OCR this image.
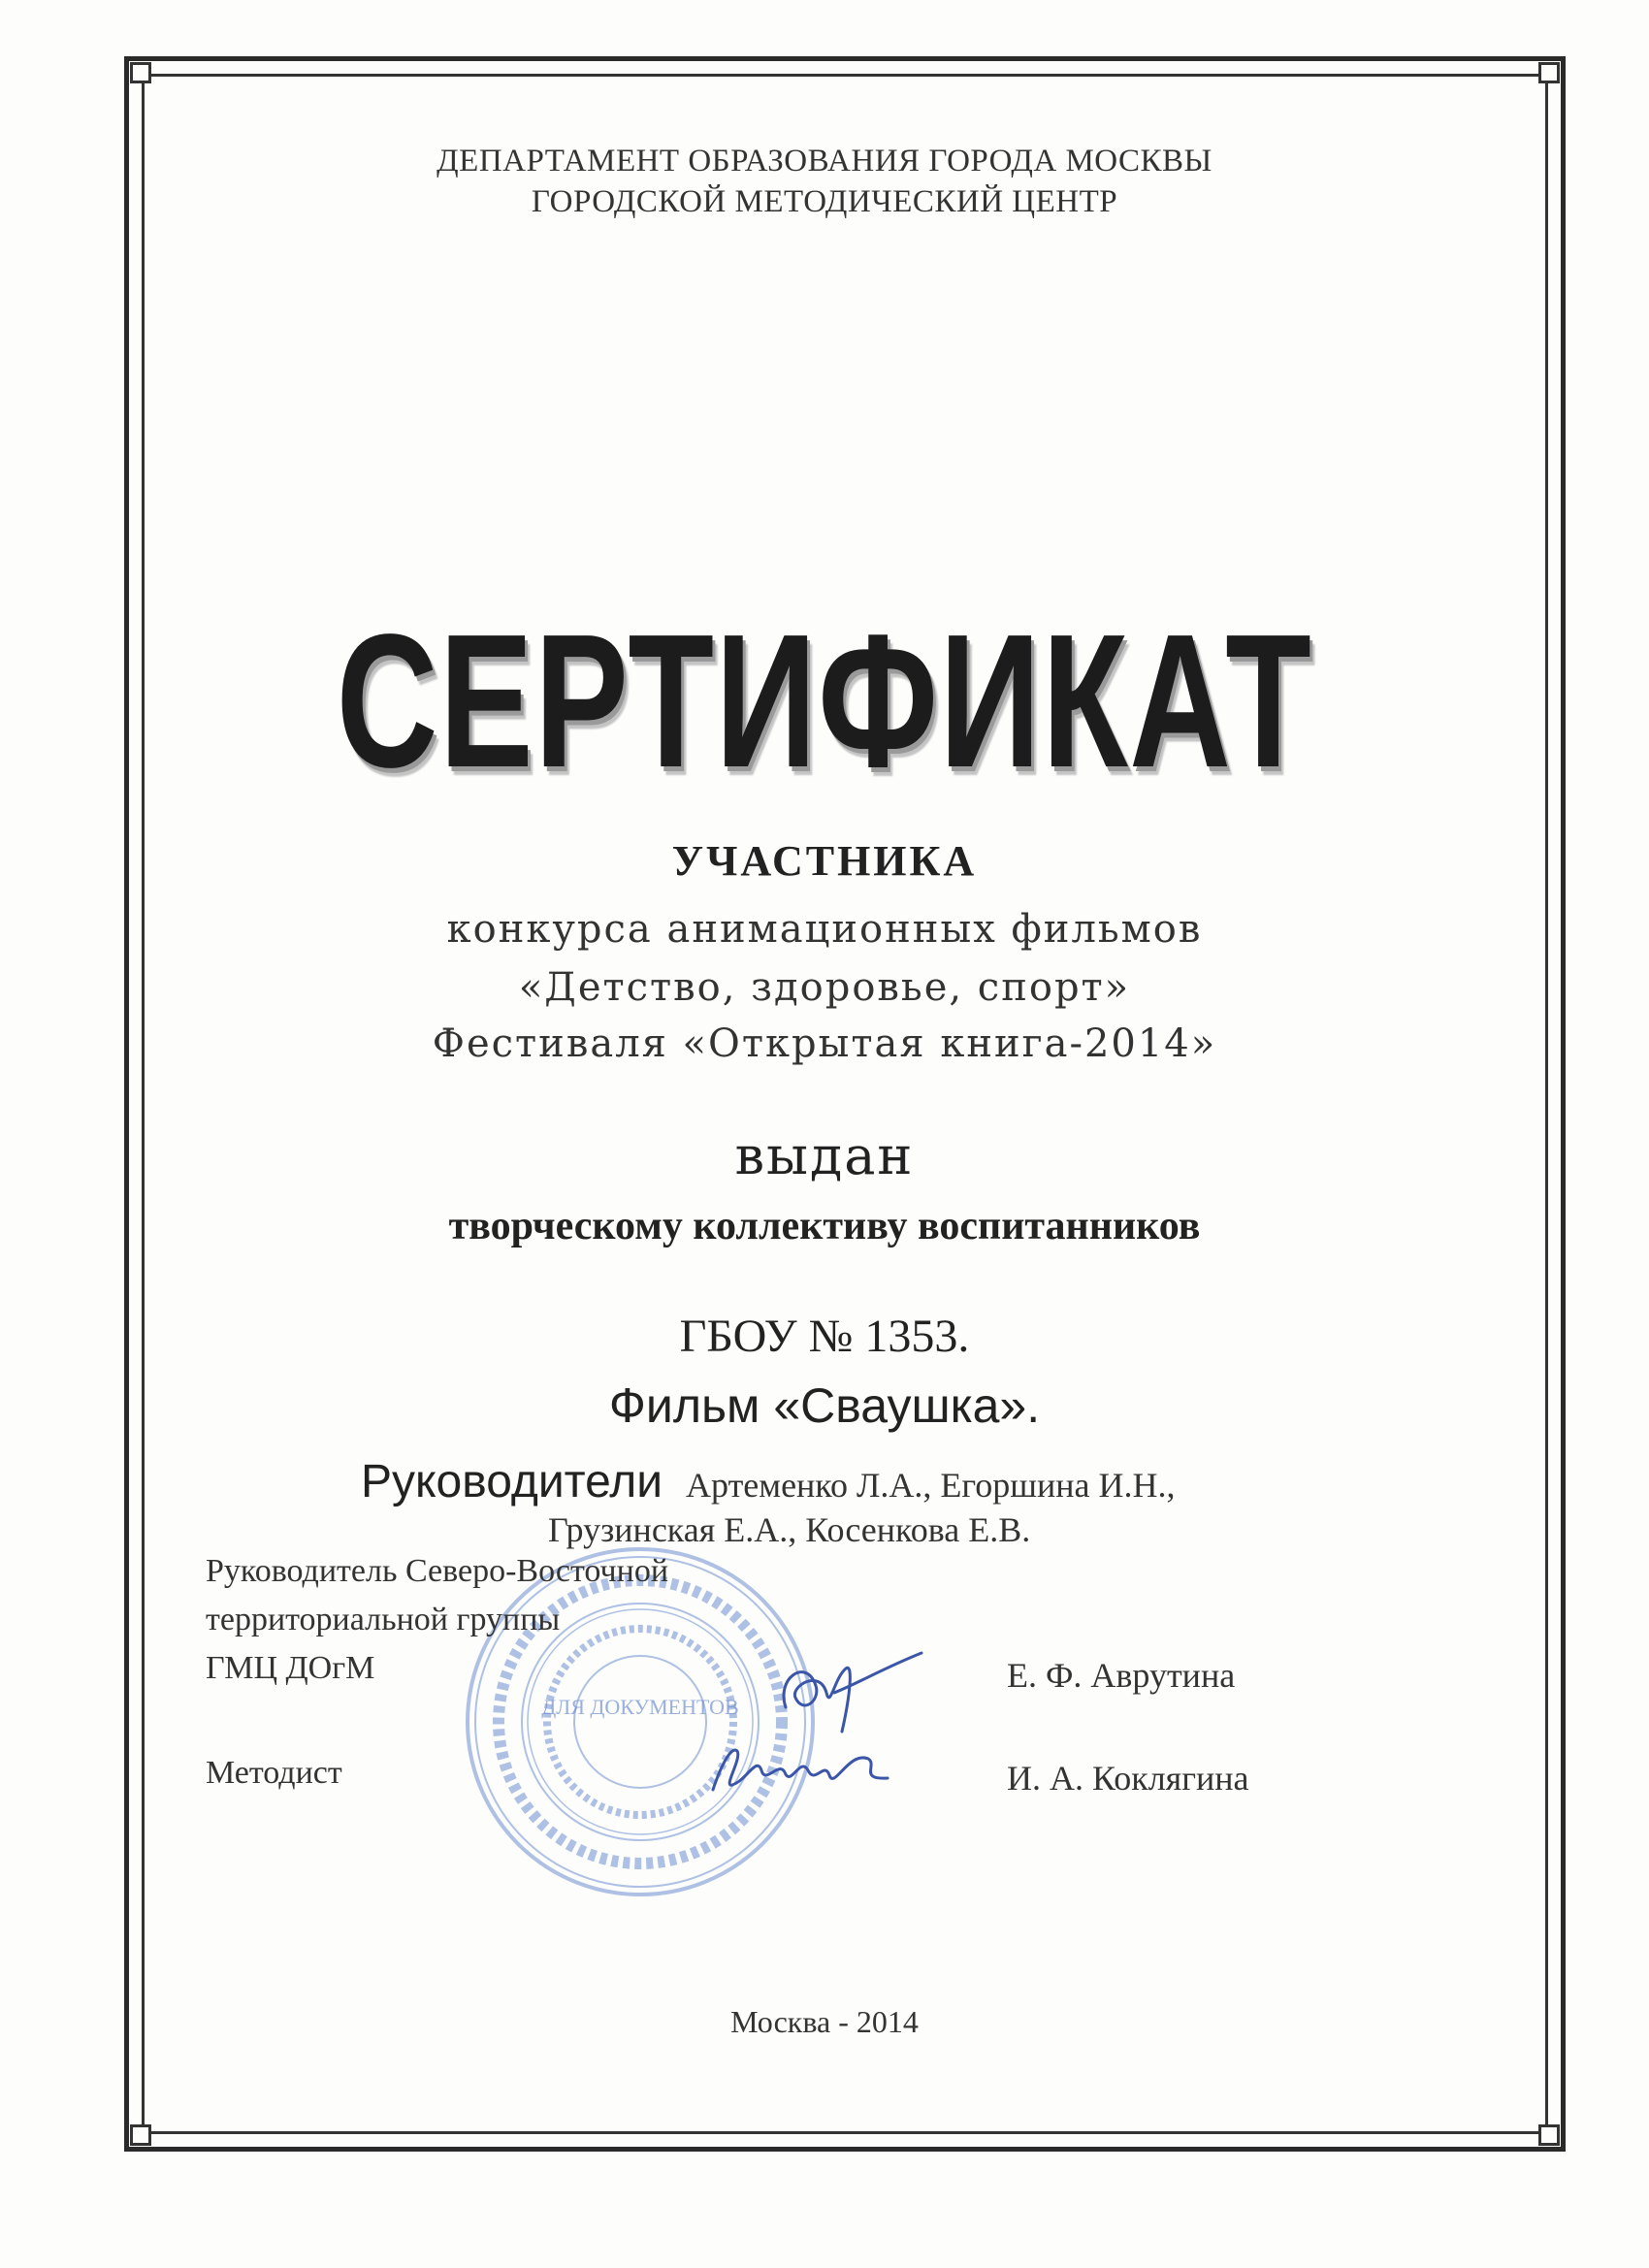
ДЕПАРТАМЕНТ ОБРАЗОВАНИЯ ГОРОДА МОСКВЫ
ГОРОДСКОЙ МЕТОДИЧЕСКИЙ ЦЕНТР
СЕРТИФИКАТ
УЧАСТНИКА
конкурса анимационных фильмов
«Детство, здоровье, спорт»
Фестиваля «Открытая книга-2014»
выдан
творческому коллективу воспитанников
ГБОУ № 1353.
Фильм «Сваушка».
Руководители Артеменко Л.А., Егоршина И.Н.,
Грузинская Е.А., Косенкова Е.В.
ДЛЯ ДОКУМЕНТОВ
Руководитель Северо-Восточной
территориальной группы
ГМЦ ДОгМ	Е. Ф. Аврутина
Методист	И. А. Коклягина
Москва - 2014
